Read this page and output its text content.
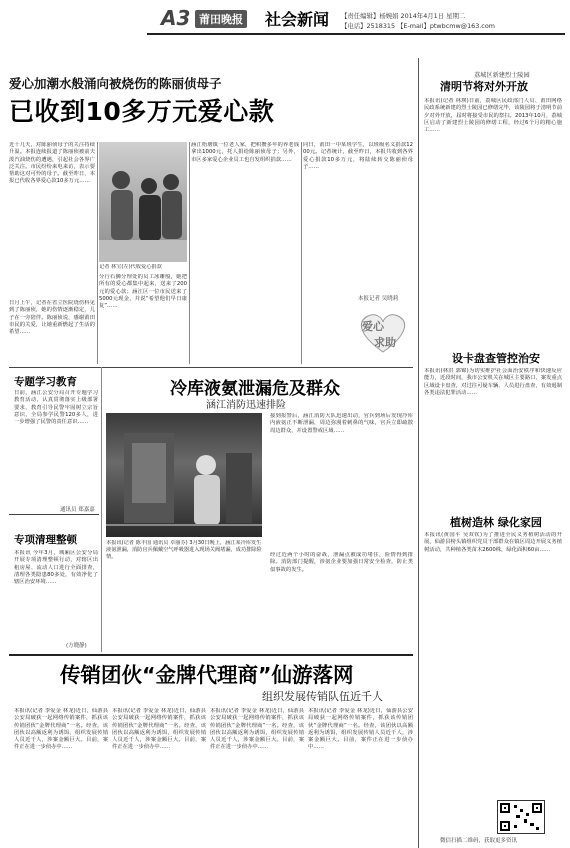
A3 莆田晚报 社会新闻 【责任编辑】杨婉娟 2014年4月1日 星期二
【电话】2518315 【E-mail】ptwbcmw@163.com
爱心加潮水般涌向被烧伤的陈丽侦母子
已收到10多万元爱心款
记者 林宝(左)代收爱心捐款
近十几天，对陈丽侦母子的关注持续升温。本报连续报道了陈丽侦被前夫泼汽油烧伤的遭遇，引起社会各界广泛关注。市民纷纷来电来访，表示要帮助这对可怜的母子。截至昨日，本报已代收各界爱心款10多万元……
日月上午，记者在省立医院烧伤科见到了陈丽侦，她的伤情逐渐稳定，儿子在一旁陪伴。陈丽侦说，感谢莆田市民的关爱，让她重新燃起了生活的希望……
分行石狮分理处的员工冰雕般，她把所有的爱心都集中起来，送来了200元的爱心款；涵江区一位市民送来了5000元现金，并说“希望他们早日康复”……
涵江梧塘镇一位老人家，把积攒多年的养老钱拿出1000元，托人捐给陈丽侦母子；另外，市区多家爱心企业员工也自发组织捐款……
同日，莆田一中某班学生，以班级名义捐款1200元。记者统计，截至昨日，本报共收到各界爱心捐款10多万元，将陆续转交陈丽侦母子……
本报记者 吴晓莉
爱心
求助
荔城区新建烈士陵园
清明节将对外开放
本报讯(记者 林瑛)日前，荔城区民政部门人员、莆田网络民政系统新建的烈士陵园已修缮完毕，该陵园将于清明节前夕对外开放，届时将接受市民的祭扫。2013年10月，荔城区启动了新建烈士陵园的修缮工程，经过6个月的精心施工……
设卡盘查管控治安
本报讯(林洪 郭锦)为切实维护社会面治安秩序和快速反应能力，近段时间，我市公安机关在城区主要路口、案发重点区域设卡盘查，对过往可疑车辆、人员进行盘查，有效遏制各类违法犯罪活动……
植树造林 绿化家园
本报讯(黄国平 吴双钦)为了推进全民义务植树活动的开展，仙游县榜头镇组织党员干部群众在镇区周边开展义务植树活动，共种植各类苗木2600株，绿化面积60亩……
微信扫描二维码，获取更多资讯
专题学习教育
日前，涵江公安分局召开专题学习教育活动，认真贯彻落实上级部署要求，教育引导民警牢固树立宗旨意识，全局参学民警120多人，进一步增强了民警的责任意识……
通讯员 郑嘉嘉
专项清理整顿
本报讯 今年3月，城厢区公安分局开展专项清理整顿行动，对辖区出租房屋、流动人口进行全面排查，清理各类隐患80多处，有效净化了辖区治安环境……
(方晓静)
冷库液氨泄漏危及群众
涵江消防迅速排险
本报讯(记者 陈丰国 通讯员 卓丽芬) 3月30日晚上，涵江某冷库发生液氨泄漏，消防官兵佩戴空气呼吸器进入现场关阀堵漏，成功排除险情。
接到报警后，涵江消防大队迅速出动，官兵到场后发现冷库内液氨正不断泄漏，周边弥漫着刺鼻的气味，官兵立即疏散周边群众，并设置警戒区域……
经过近两个小时的奋战，泄漏点被成功堵住，险情得到排除。消防部门提醒，涉氨企业要加强日常安全检查，防止类似事故的发生。
传销团伙“金牌代理商”仙游落网
组织发展传销队伍近千人
本报讯(记者 李爱金 林龙)近日，仙游县公安局破获一起网络传销案件，抓获该传销团伙“金牌代理商”一名。经查，该团伙以高额返利为诱饵，组织发展传销人员近千人，涉案金额巨大。目前，案件正在进一步侦办中……
本报讯(记者 李爱金 林龙)近日，仙游县公安局破获一起网络传销案件，抓获该传销团伙“金牌代理商”一名。经查，该团伙以高额返利为诱饵，组织发展传销人员近千人，涉案金额巨大。目前，案件正在进一步侦办中……
本报讯(记者 李爱金 林龙)近日，仙游县公安局破获一起网络传销案件，抓获该传销团伙“金牌代理商”一名。经查，该团伙以高额返利为诱饵，组织发展传销人员近千人，涉案金额巨大。目前，案件正在进一步侦办中……
本报讯(记者 李爱金 林龙)近日，仙游县公安局破获一起网络传销案件，抓获该传销团伙“金牌代理商”一名。经查，该团伙以高额返利为诱饵，组织发展传销人员近千人，涉案金额巨大。目前，案件正在进一步侦办中……
